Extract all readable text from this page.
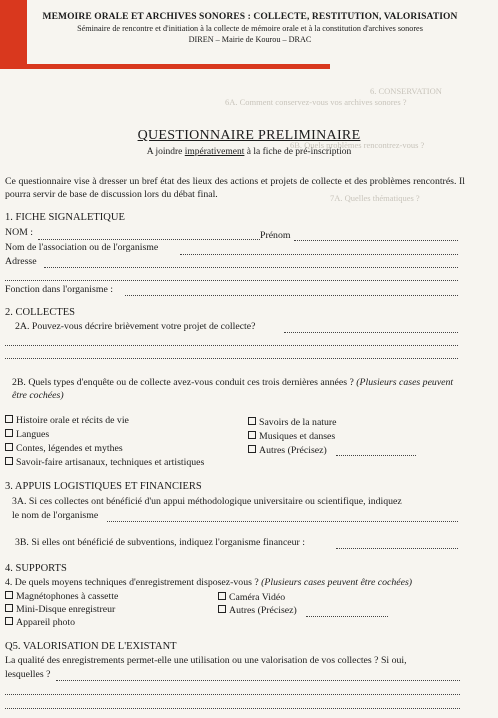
MEMOIRE ORALE ET ARCHIVES SONORES : COLLECTE, RESTITUTION, VALORISATION
Séminaire de rencontre et d'initiation à la collecte de mémoire orale et à la constitution d'archives sonores
DIREN – Mairie de Kourou – DRAC
6. CONSERVATION
6A. Comment conservez-vous vos archives sonores ?
6B. Quels problèmes rencontrez-vous ?
7A. Quelles thématiques ?
QUESTIONNAIRE PRELIMINAIRE
A joindre impérativement à la fiche de pré-inscription
Ce questionnaire vise à dresser un bref état des lieux des actions et projets de collecte et des problèmes rencontrés. Il pourra servir de base de discussion lors du débat final.
1. FICHE SIGNALETIQUE
NOM :	Prénom
Nom de l'association ou de l'organisme
Adresse
Fonction dans l'organisme :
2. COLLECTES
2A. Pouvez-vous décrire brièvement votre projet de collecte?
2B. Quels types d'enquête ou de collecte avez-vous conduit ces trois dernières années ? (Plusieurs cases peuvent être cochées)
Histoire orale et récits de vie
Langues
Contes, légendes et mythes
Savoir-faire artisanaux, techniques et artistiques
Savoirs de la nature
Musiques et danses
Autres (Précisez)
3. APPUIS LOGISTIQUES ET FINANCIERS
3A. Si ces collectes ont bénéficié d'un appui méthodologique universitaire ou scientifique, indiquez
le nom de l'organisme
3B. Si elles ont bénéficié de subventions, indiquez l'organisme financeur :
4. SUPPORTS
4. De quels moyens techniques d'enregistrement disposez-vous ? (Plusieurs cases peuvent être cochées)
Magnétophones à cassette
Mini-Disque enregistreur
Appareil photo
Caméra Vidéo
Autres (Précisez)
Q5. VALORISATION DE L'EXISTANT
La qualité des enregistrements permet-elle une utilisation ou une valorisation de vos collectes ? Si oui,
lesquelles ?
